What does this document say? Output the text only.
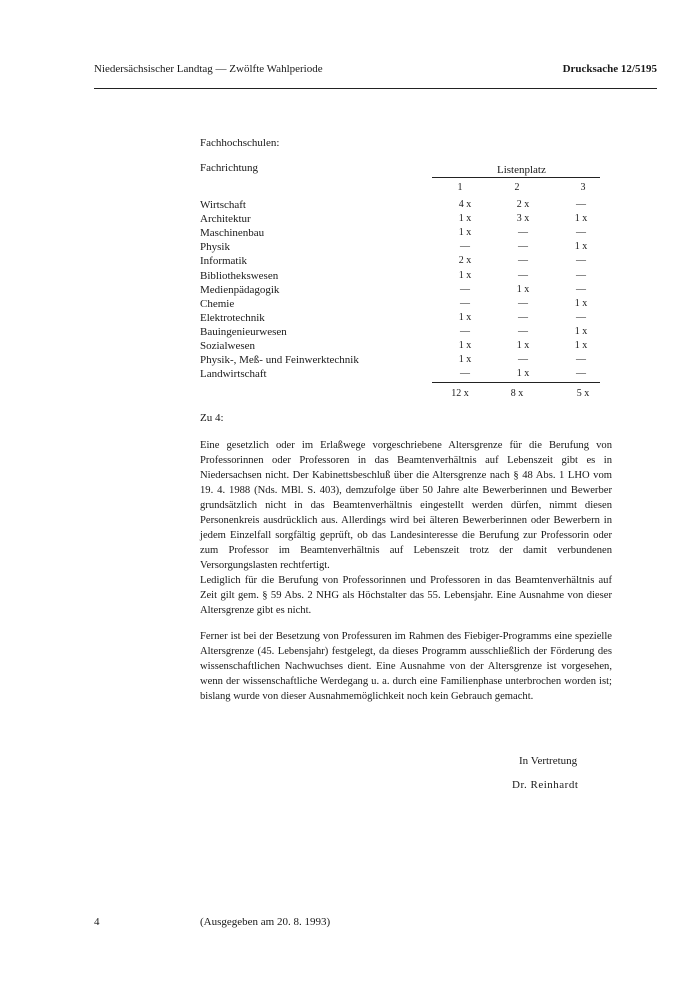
Niedersächsischer Landtag — Zwölfte Wahlperiode	Drucksache 12/5195
Fachhochschulen:
Fachrichtung	Listenplatz
1	2	3
Wirtschaft	4 x	2 x	—
Architektur	1 x	3 x	1 x
Maschinenbau	1 x	—	—
Physik	—	—	1 x
Informatik	2 x	—	—
Bibliothekswesen	1 x	—	—
Medienpädagogik	—	1 x	—
Chemie	—	—	1 x
Elektrotechnik	1 x	—	—
Bauingenieurwesen	—	—	1 x
Sozialwesen	1 x	1 x	1 x
Physik-, Meß- und Feinwerktechnik	1 x	—	—
Landwirtschaft	—	1 x	—
12 x	8 x	5 x
Zu 4:
Eine gesetzlich oder im Erlaßwege vorgeschriebene Altersgrenze für die Berufung von Professorinnen oder Professoren in das Beamtenverhältnis auf Lebenszeit gibt es in Niedersachsen nicht. Der Kabinettsbeschluß über die Altersgrenze nach § 48 Abs. 1 LHO vom 19. 4. 1988 (Nds. MBl. S. 403), demzufolge über 50 Jahre alte Bewerberinnen und Bewerber grundsätzlich nicht in das Beamtenverhältnis eingestellt werden dürfen, nimmt diesen Personenkreis ausdrücklich aus. Allerdings wird bei älteren Bewerberinnen oder Bewerbern in jedem Einzelfall sorgfältig geprüft, ob das Landesinteresse die Berufung zur Professorin oder zum Professor im Beamtenverhältnis auf Lebenszeit trotz der damit verbundenen Versorgungslasten rechtfertigt.
Lediglich für die Berufung von Professorinnen und Professoren in das Beamtenverhältnis auf Zeit gilt gem. § 59 Abs. 2 NHG als Höchstalter das 55. Lebensjahr. Eine Ausnahme von dieser Altersgrenze gibt es nicht.
Ferner ist bei der Besetzung von Professuren im Rahmen des Fiebiger-Programms eine spezielle Altersgrenze (45. Lebensjahr) festgelegt, da dieses Programm ausschließlich der Förderung des wissenschaftlichen Nachwuchses dient. Eine Ausnahme von der Altersgrenze ist vorgesehen, wenn der wissenschaftliche Werdegang u. a. durch eine Familienphase unterbrochen worden ist; bislang wurde von dieser Ausnahmemöglichkeit noch kein Gebrauch gemacht.
In Vertretung
Dr. Reinhardt
4	(Ausgegeben am 20. 8. 1993)
